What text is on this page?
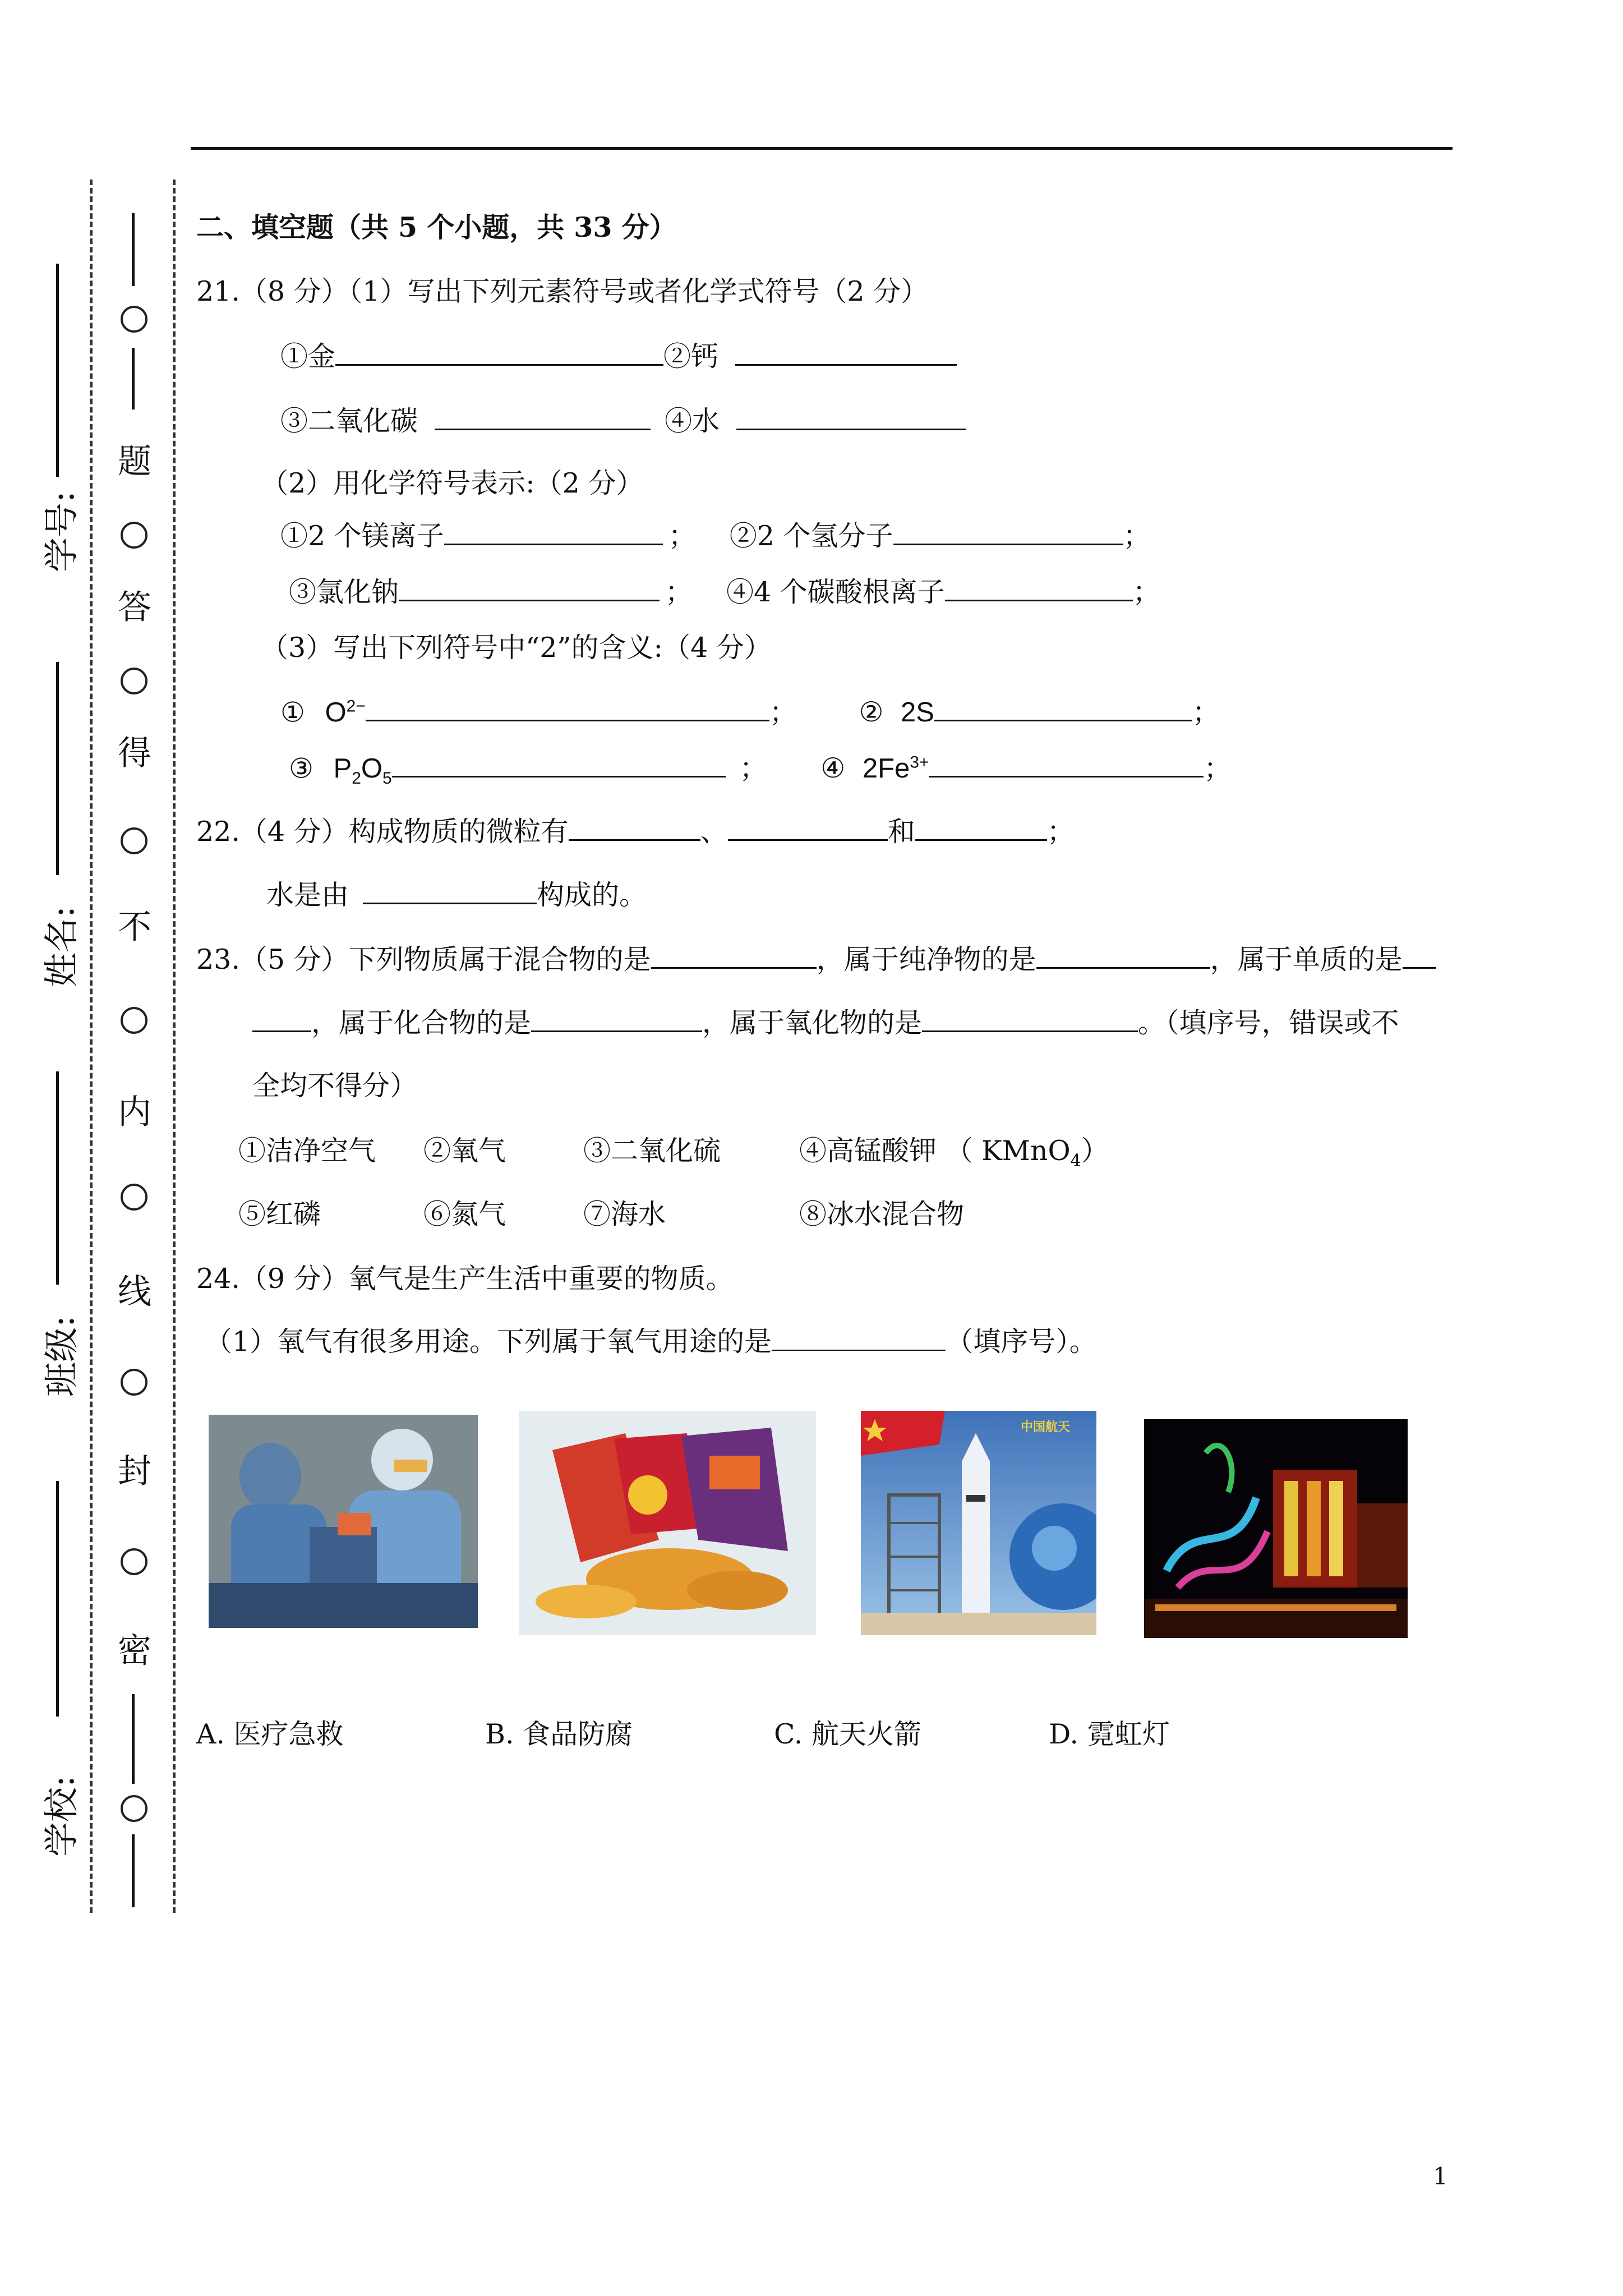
学号:
姓名:
班级:
学校:
题
答
得
不
内
线
封
密
二、填空题（共 5 个小题，共 33 分）
21.（8 分）（1）写出下列元素符号或者化学式符号（2 分）
①金	②钙
③二氧化碳	④水
（2）用化学符号表示:（2 分）
①2 个镁离子	； ②2 个氢分子	；
③氯化钠	； ④4 个碳酸根离子	；
（3）写出下列符号中“2”的含义:（4 分）
① $O^{2-}$	； ② 2S	；
③ $P_2O_5$	； ④ $2Fe^{3+}$	；
22.（4 分）构成物质的微粒有	、	和	；
水是由	构成的。
23.（5 分）下列物质属于混合物的是	，属于纯净物的是	，属于单质的是
，属于化合物的是	，属于氧化物的是	。（填序号，错误或不
全均不得分）
①洁净空气 ②氧气	③二氧化硫	④高锰酸钾 （ KMnO$_4$）
⑤红磷	⑥氮气	⑦海水	⑧冰水混合物
24.（9 分）氧气是生产生活中重要的物质。
（1）氧气有很多用途。下列属于氧气用途的是	（填序号）。
中国航天
A. 医疗急救	B. 食品防腐	C. 航天火箭	D. 霓虹灯
1
